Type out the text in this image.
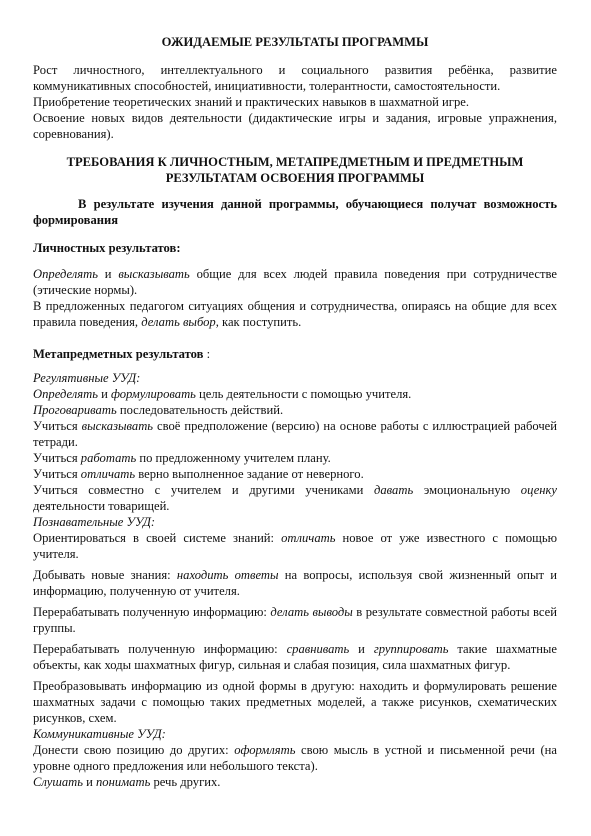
ОЖИДАЕМЫЕ РЕЗУЛЬТАТЫ ПРОГРАММЫ

Рост личностного, интеллектуального и социального развития ребёнка, развитие коммуникативных способностей, инициативности, толерантности, самостоятельности.

Приобретение теоретических знаний и практических навыков в шахматной игре.

Освоение новых видов деятельности (дидактические игры и задания, игровые упражнения, соревнования).

ТРЕБОВАНИЯ К ЛИЧНОСТНЫМ, МЕТАПРЕДМЕТНЫМ И ПРЕДМЕТНЫМ
РЕЗУЛЬТАТАМ ОСВОЕНИЯ ПРОГРАММЫ

В результате изучения данной программы, обучающиеся получат возможность формирования

Личностных результатов:

Определять и высказывать общие для всех людей правила поведения при сотрудничестве (этические нормы).

В предложенных педагогом ситуациях общения и сотрудничества, опираясь на общие для всех правила поведения, делать выбор, как поступить.

Метапредметных результатов :

Регулятивные УУД:

Определять и формулировать цель деятельности с помощью учителя.

Проговаривать последовательность действий.

Учиться высказывать своё предположение (версию) на основе работы с иллюстрацией рабочей тетради.

Учиться работать по предложенному учителем плану.

Учиться отличать верно выполненное задание от неверного.

Учиться совместно с учителем и другими учениками давать эмоциональную оценку деятельности товарищей.

Познавательные УУД:

Ориентироваться в своей системе знаний: отличать новое от уже известного с помощью учителя.

Добывать новые знания: находить ответы на вопросы, используя свой жизненный опыт и информацию, полученную от учителя.

Перерабатывать полученную информацию: делать выводы в результате совместной работы всей группы.

Перерабатывать полученную информацию: сравнивать и группировать такие шахматные объекты, как ходы шахматных фигур, сильная и слабая позиция, сила шахматных фигур.

Преобразовывать информацию из одной формы в другую: находить и формулировать решение шахматных задачи с помощью таких предметных моделей, а также рисунков, схематических рисунков, схем.

Коммуникативные УУД:

Донести свою позицию до других: оформлять свою мысль в устной и письменной речи (на уровне одного предложения или небольшого текста).

Слушать и понимать речь других.
